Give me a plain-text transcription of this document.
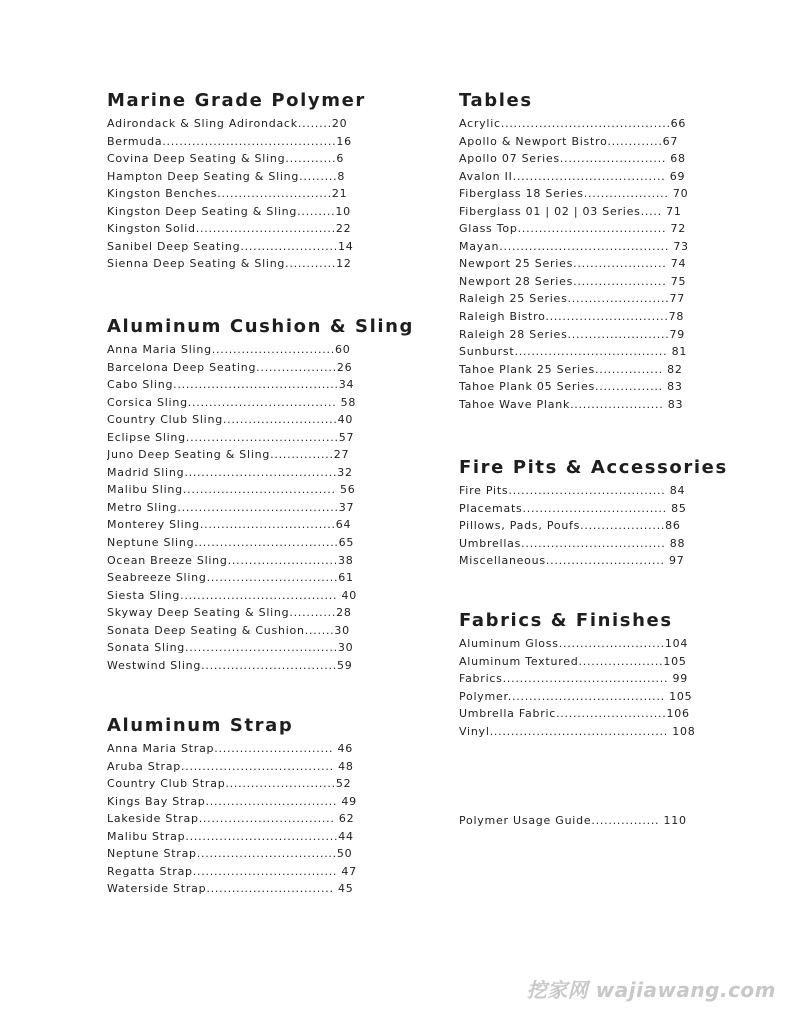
Marine Grade Polymer
Adirondack & Sling Adirondack........20
Bermuda.........................................16
Covina Deep Seating & Sling............6
Hampton Deep Seating & Sling.........8
Kingston Benches...........................21
Kingston Deep Seating & Sling.........10
Kingston Solid.................................22
Sanibel Deep Seating.......................14
Sienna Deep Seating & Sling............12
Aluminum Cushion & Sling
Anna Maria Sling.............................60
Barcelona Deep Seating...................26
Cabo Sling.......................................34
Corsica Sling................................... 58
Country Club Sling...........................40
Eclipse Sling....................................57
Juno Deep Seating & Sling...............27
Madrid Sling....................................32
Malibu Sling.................................... 56
Metro Sling......................................37
Monterey Sling................................64
Neptune Sling..................................65
Ocean Breeze Sling..........................38
Seabreeze Sling...............................61
Siesta Sling..................................... 40
Skyway Deep Seating & Sling...........28
Sonata Deep Seating & Cushion.......30
Sonata Sling....................................30
Westwind Sling................................59
Aluminum Strap
Anna Maria Strap............................ 46
Aruba Strap.................................... 48
Country Club Strap..........................52
Kings Bay Strap............................... 49
Lakeside Strap................................ 62
Malibu Strap....................................44
Neptune Strap.................................50
Regatta Strap.................................. 47
Waterside Strap.............................. 45
Tables
Acrylic........................................66
Apollo & Newport Bistro.............67
Apollo 07 Series......................... 68
Avalon II.................................... 69
Fiberglass 18 Series.................... 70
Fiberglass 01 | 02 | 03 Series..... 71
Glass Top................................... 72
Mayan........................................ 73
Newport 25 Series...................... 74
Newport 28 Series...................... 75
Raleigh 25 Series........................77
Raleigh Bistro.............................78
Raleigh 28 Series........................79
Sunburst.................................... 81
Tahoe Plank 25 Series................ 82
Tahoe Plank 05 Series................ 83
Tahoe Wave Plank...................... 83
Fire Pits & Accessories
Fire Pits..................................... 84
Placemats.................................. 85
Pillows, Pads, Poufs....................86
Umbrellas.................................. 88
Miscellaneous............................ 97
Fabrics & Finishes
Aluminum Gloss.........................104
Aluminum Textured....................105
Fabrics....................................... 99
Polymer..................................... 105
Umbrella Fabric..........................106
Vinyl.......................................... 108
Polymer Usage Guide................ 110
挖家网 wajiawang.com
